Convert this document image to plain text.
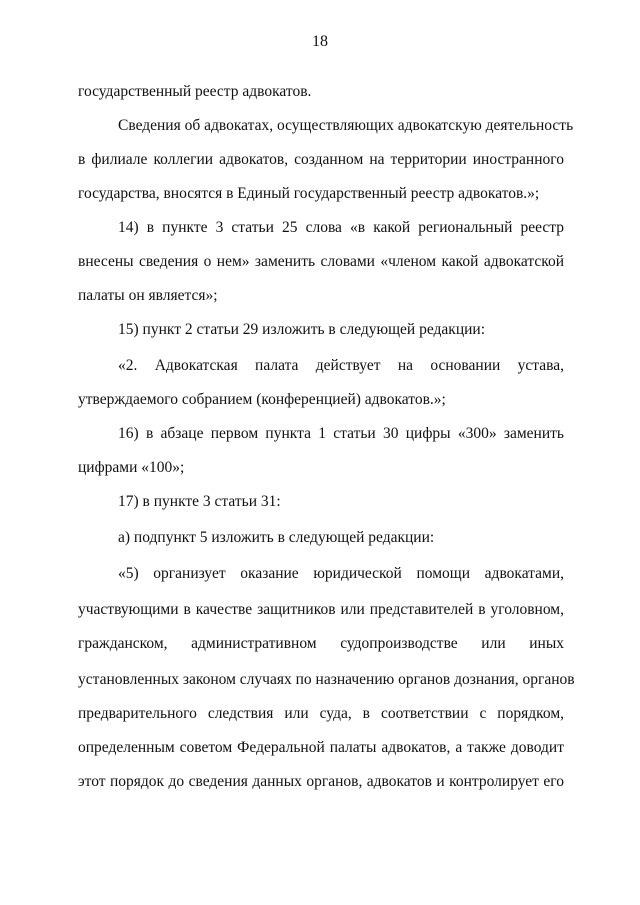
18
государственный реестр адвокатов.
Сведения об адвокатах, осуществляющих адвокатскую деятельность
в филиале коллегии адвокатов, созданном на территории иностранного
государства, вносятся в Единый государственный реестр адвокатов.»;
14) в пункте 3 статьи 25 слова «в какой региональный реестр
внесены сведения о нем» заменить словами «членом какой адвокатской
палаты он является»;
15) пункт 2 статьи 29 изложить в следующей редакции:
«2. Адвокатская палата действует на основании устава,
утверждаемого собранием (конференцией) адвокатов.»;
16) в абзаце первом пункта 1 статьи 30 цифры «300» заменить
цифрами «100»;
17) в пункте 3 статьи 31:
а) подпункт 5 изложить в следующей редакции:
«5) организует оказание юридической помощи адвокатами,
участвующими в качестве защитников или представителей в уголовном,
гражданском, административном судопроизводстве или иных
установленных законом случаях по назначению органов дознания, органов
предварительного следствия или суда, в соответствии с порядком,
определенным советом Федеральной палаты адвокатов, а также доводит
этот порядок до сведения данных органов, адвокатов и контролирует его
